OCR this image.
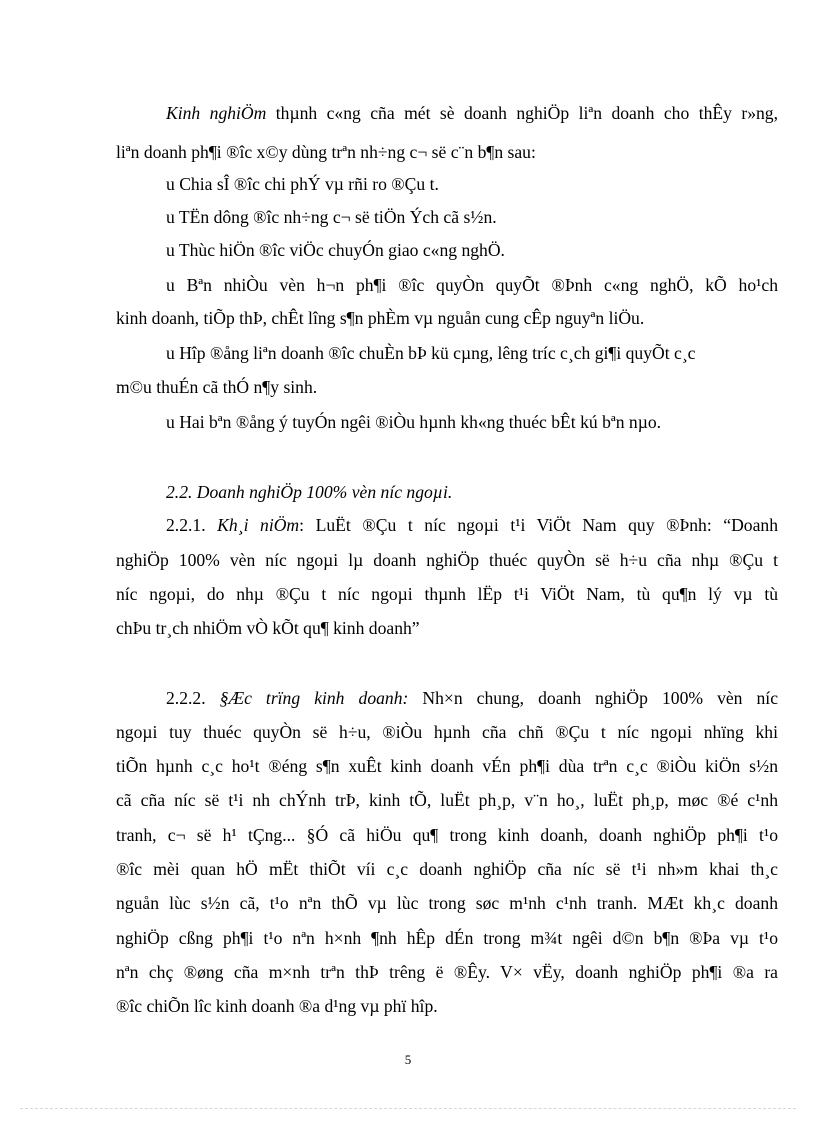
Kinh nghiÖm thµnh c«ng cña mét sè doanh nghiÖp liªn doanh cho thÊy r»ng,
liªn doanh ph¶i ®îc x©y dùng trªn nh÷ng c¬ së c¨n b¶n sau:
u Chia sÎ ®îc chi phÝ vµ rñi ro ®Çu t.
u TËn dông ®îc nh÷ng c¬ së tiÖn Ých cã s½n.
u Thùc hiÖn ®îc viÖc chuyÓn giao c«ng nghÖ.
u Bªn nhiÒu vèn h¬n ph¶i ®îc quyÒn quyÕt ®Þnh c«ng nghÖ, kÕ ho¹ch
kinh doanh, tiÕp thÞ, chÊt lîng s¶n phÈm vµ nguån cung cÊp nguyªn liÖu.
u Hîp ®ång liªn doanh ®îc chuÈn bÞ kü cµng, lêng tríc c¸ch gi¶i quyÕt c¸c
m©u thuÉn cã thÓ n¶y sinh.
u Hai bªn ®ång ý tuyÓn ngêi ®iÒu hµnh kh«ng thuéc bÊt kú bªn nµo.
2.2. Doanh nghiÖp 100% vèn níc ngoµi.
2.2.1. Kh¸i niÖm: LuËt ®Çu t níc ngoµi t¹i ViÖt Nam quy ®Þnh: “Doanh
nghiÖp 100% vèn níc ngoµi lµ doanh nghiÖp thuéc quyÒn së h÷u cña nhµ ®Çu t
níc ngoµi, do nhµ ®Çu t níc ngoµi thµnh lËp t¹i ViÖt Nam, tù qu¶n lý vµ tù
chÞu tr¸ch nhiÖm vÒ kÕt qu¶ kinh doanh”
2.2.2. §Æc trïng kinh doanh: Nh×n chung, doanh nghiÖp 100% vèn níc
ngoµi tuy thuéc quyÒn së h÷u, ®iÒu hµnh cña chñ ®Çu t níc ngoµi nhïng khi
tiÕn hµnh c¸c ho¹t ®éng s¶n xuÊt kinh doanh vÉn ph¶i dùa trªn c¸c ®iÒu kiÖn s½n
cã cña níc së t¹i nh chÝnh trÞ, kinh tÕ, luËt ph¸p, v¨n ho¸, luËt ph¸p, møc ®é c¹nh
tranh, c¬ së h¹ tÇng... §Ó cã hiÖu qu¶ trong kinh doanh, doanh nghiÖp ph¶i t¹o
®îc mèi quan hÖ mËt thiÕt víi c¸c doanh nghiÖp cña níc së t¹i nh»m khai th¸c
nguån lùc s½n cã, t¹o nªn thÕ vµ lùc trong søc m¹nh c¹nh tranh. MÆt kh¸c doanh
nghiÖp cßng ph¶i t¹o nªn h×nh ¶nh hÊp dÉn trong m¾t ngêi d©n b¶n ®Þa vµ t¹o
nªn chç ®øng cña m×nh trªn thÞ trêng ë ®Êy. V× vËy, doanh nghiÖp ph¶i ®a ra
®îc chiÕn lîc kinh doanh ®a d¹ng vµ phï hîp.
5
